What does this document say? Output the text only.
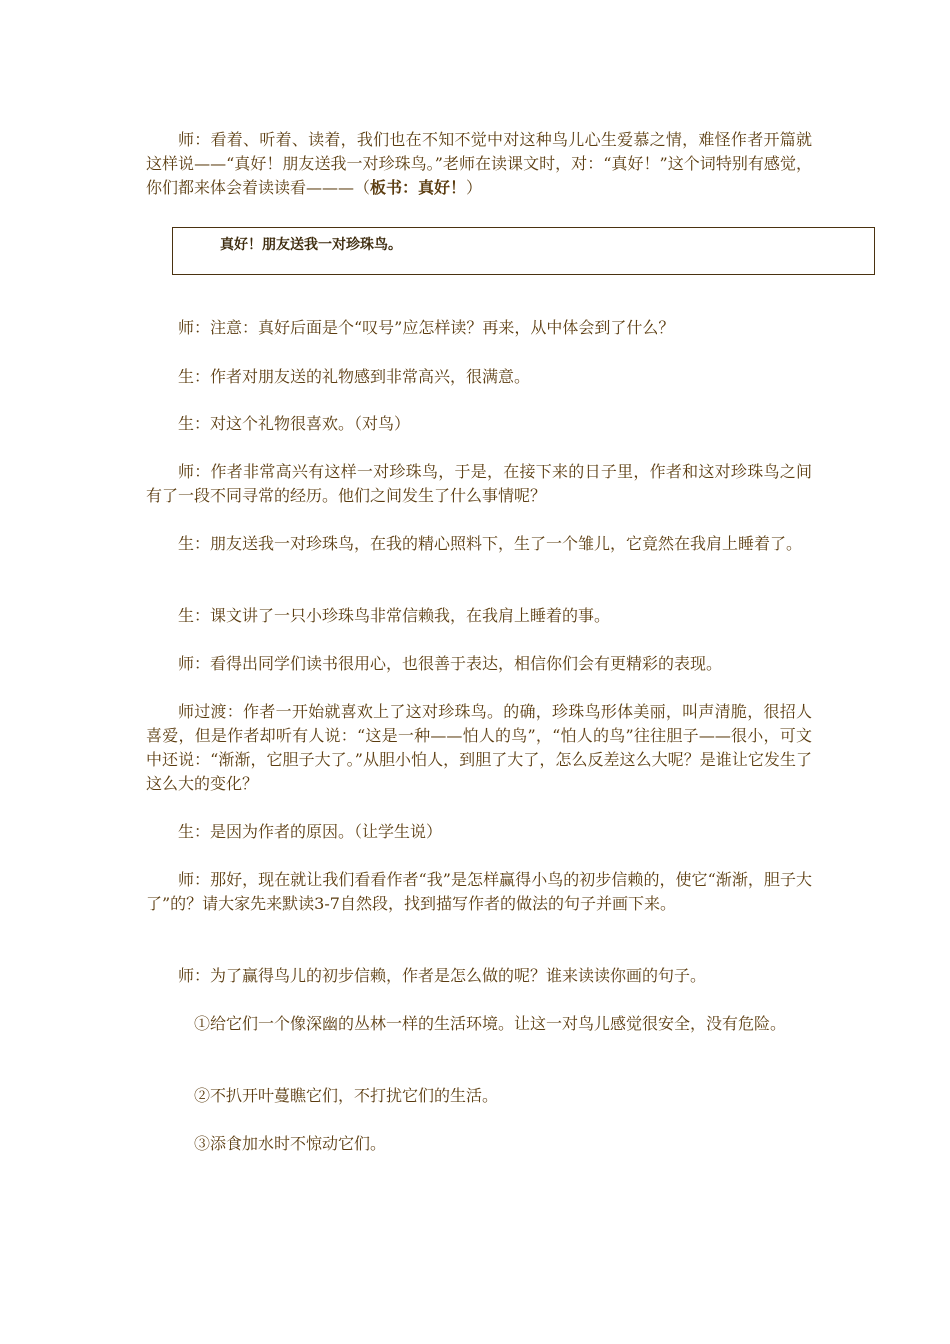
师：看着、听着、读着，我们也在不知不觉中对这种鸟儿心生爱慕之情，难怪作者开篇就这样说——“真好！朋友送我一对珍珠鸟。”老师在读课文时，对：“真好！”这个词特别有感觉，你们都来体会着读读看———（板书：真好！）

真好！朋友送我一对珍珠鸟。

师：注意：真好后面是个“叹号”应怎样读？再来，从中体会到了什么？

生：作者对朋友送的礼物感到非常高兴，很满意。

生：对这个礼物很喜欢。（对鸟）

师：作者非常高兴有这样一对珍珠鸟，于是，在接下来的日子里，作者和这对珍珠鸟之间有了一段不同寻常的经历。他们之间发生了什么事情呢？

生：朋友送我一对珍珠鸟，在我的精心照料下，生了一个雏儿，它竟然在我肩上睡着了。

生：课文讲了一只小珍珠鸟非常信赖我，在我肩上睡着的事。

师：看得出同学们读书很用心，也很善于表达，相信你们会有更精彩的表现。

师过渡：作者一开始就喜欢上了这对珍珠鸟。的确，珍珠鸟形体美丽，叫声清脆，很招人喜爱，但是作者却听有人说：“这是一种——怕人的鸟”，“怕人的鸟”往往胆子——很小，可文中还说：“渐渐，它胆子大了。”从胆小怕人，到胆了大了，怎么反差这么大呢？是谁让它发生了这么大的变化？

生：是因为作者的原因。（让学生说）

师：那好，现在就让我们看看作者“我”是怎样赢得小鸟的初步信赖的，使它“渐渐，胆子大了”的？请大家先来默读3-7自然段，找到描写作者的做法的句子并画下来。

师：为了赢得鸟儿的初步信赖，作者是怎么做的呢？谁来读读你画的句子。

①给它们一个像深幽的丛林一样的生活环境。让这一对鸟儿感觉很安全，没有危险。

②不扒开叶蔓瞧它们，不打扰它们的生活。

③添食加水时不惊动它们。
